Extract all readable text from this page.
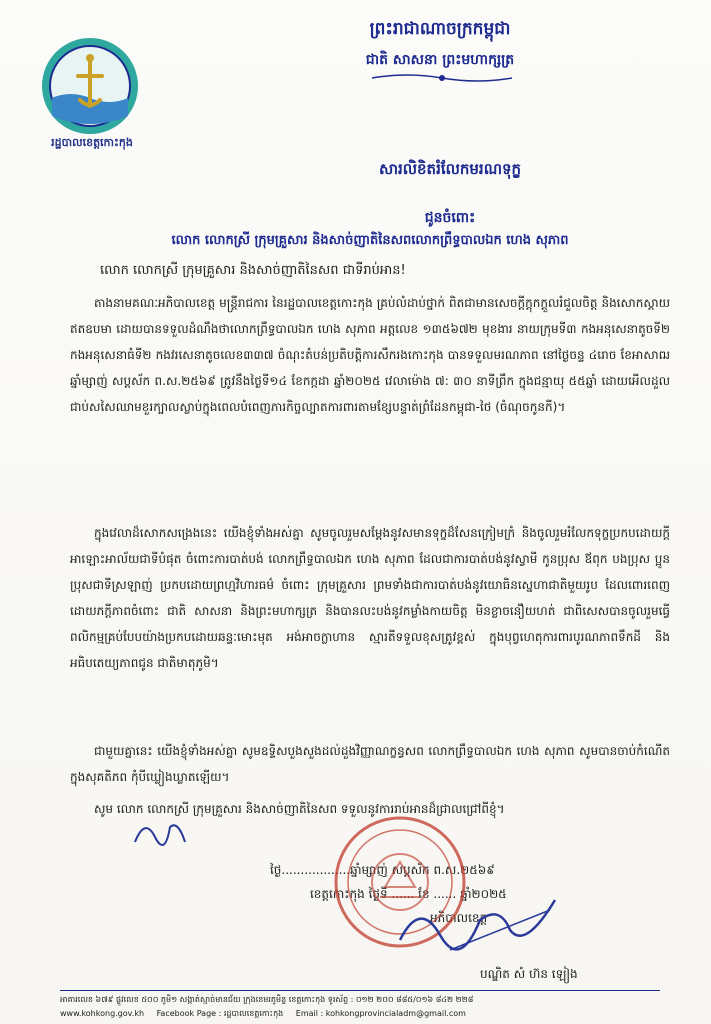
រដ្ឋបាលខេត្តកោះកុង
ព្រះរាជាណាចក្រកម្ពុជា
ជាតិ សាសនា ព្រះមហាក្សត្រ
សារលិខិតរំលែកមរណទុក្ខ
ជូនចំពោះ
លោក លោកស្រី ក្រុមគ្រួសារ និងសាច់ញាតិនៃសពលោកព្រឹទ្ធបាលឯក ហេង សុភាព
លោក លោកស្រី ក្រុមគ្រួសារ និងសាច់ញាតិនៃសព ជាទីរាប់អាន!
តាងនាមគណៈអភិបាលខេត្ត មន្ត្រីរាជការ នៃរដ្ឋបាលខេត្តកោះកុង គ្រប់លំដាប់ថ្នាក់ ពិតជាមានសេចក្តីក្តុកក្តួលរំជួលចិត្ត និងសោកស្តាយឥតឧបមា ដោយបានទទួលដំណឹងថាលោកព្រឹទ្ធបាលឯក ហេង សុភាព អត្តលេខ ១៣៥៦៧២ មុខងារ នាយក្រុមទី៣ កងអនុសេនាតូចទី២ កងអនុសេនាធំទី២ កងវរសេនាតូចលេខ៣៣៧ ចំណុះតំបន់ប្រតិបត្តិការសឹករងកោះកុង បានទទួលមរណភាព នៅថ្ងៃចន្ទ ៤រោច ខែអាសាឍ ឆ្នាំម្សាញ់ សប្តស័ក ព.ស.២៥៦៩ ត្រូវនឹងថ្ងៃទី១៤ ខែកក្កដា ឆ្នាំ២០២៥ វេលាម៉ោង ៧: ៣០ នាទីព្រឹក ក្នុងជន្មាយុ ៥៥ឆ្នាំ ដោយអើលដួលជាប់សសៃឈាមខួរក្បាលស្លាប់ក្នុងពេលបំពេញភារកិច្ចល្បាតការពារតាមខ្សែបន្ទាត់ព្រំដែនកម្ពុជា-ថៃ (ចំណុចកូនកី)។
ក្នុងវេលាដ៏សោកសង្រេងនេះ យើងខ្ញុំទាំងអស់គ្នា សូមចូលរួមសម្តែងនូវសមានទុក្ខដ៏សែនក្រៀមក្រំ និងចូលរួមរំលែកទុក្ខប្រកបដោយក្តីអាឡោះអាល័យជាទីបំផុត ចំពោះការបាត់បង់ លោកព្រឹទ្ធបាលឯក ហេង សុភាព ដែលជាការបាត់បង់នូវស្វាមី កូនប្រុស ឪពុក បងប្រុស ប្អូនប្រុសជាទីស្រឡាញ់ ប្រកបដោយព្រហ្មវិហារធម៌ ចំពោះ ក្រុមគ្រួសារ ព្រមទាំងជាការបាត់បង់នូវយោធិនស្នេហាជាតិមួយរូប ដែលពោរពេញដោយភក្តីភាពចំពោះ ជាតិ សាសនា និងព្រះមហាក្សត្រ និងបានលះបង់នូវកម្លាំងកាយចិត្ត មិនខ្លាចនឿយហត់ ជាពិសេសបានចូលរួមធ្វើពលិកម្មគ្រប់បែបយ៉ាងប្រកបដោយឆន្ទៈមោះមុត អង់អាចក្លាហាន ស្មារតីទទួលខុសត្រូវខ្ពស់ ក្នុងបុព្វហេតុការពារបូរណភាពទឹកដី និងអធិបតេយ្យភាពជូន ជាតិមាតុភូមិ។
ជាមួយគ្នានេះ យើងខ្ញុំទាំងអស់គ្នា សូមឧទ្ទិសបួងសួងដល់ដួងវិញ្ញាណក្ខន្ធសព លោកព្រឹទ្ធបាលឯក ហេង សុភាព សូមបានចាប់កំណើតក្នុងសុគតិភព កុំបីឃ្លៀងឃ្លាតឡើយ។
សូម លោក លោកស្រី ក្រុមគ្រួសារ និងសាច់ញាតិនៃសព ទទួលនូវការរាប់អានដ៏ជ្រាលជ្រៅពីខ្ញុំ។
ថ្ងៃ..................ឆ្នាំម្សាញ់ សប្តស័ក ព.ស.២៥៦៩
ខេត្តកោះកុង ថ្ងៃទី ...... ខែ ...... ឆ្នាំ២០២៥
អភិបាលខេត្ត
បណ្ឌិត សំ ហ៊ន ឡៀង
អាគារលេខ ៦៧៩ ផ្លូវលេខ ៥០០ ភូមិ១ សង្កាត់ស្មាច់មានជ័យ ក្រុងខេមរភូមិន្ទ ខេត្តកោះកុង ទូរស័ព្ទ : ០១២ ២០០ ៨៨៥/០១៦ ៨៤២ ២២៨
www.kohkong.gov.kh Facebook Page : រដ្ឋបាលខេត្តកោះកុង Email : kohkongprovincialadm@gmail.com
